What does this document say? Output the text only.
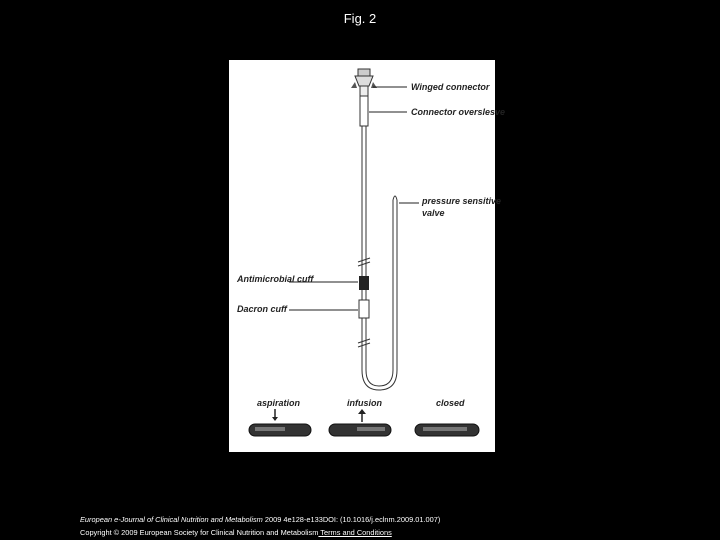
Fig. 2
Winged connector
Connector overslesve
pressure sensitive
valve
Antimicrobial cuff
Dacron cuff
aspiration	infusion	closed
European e-Journal of Clinical Nutrition and Metabolism 2009 4e128-e133DOI: (10.1016/j.eclnm.2009.01.007)
Copyright © 2009 European Society for Clinical Nutrition and Metabolism Terms and Conditions
